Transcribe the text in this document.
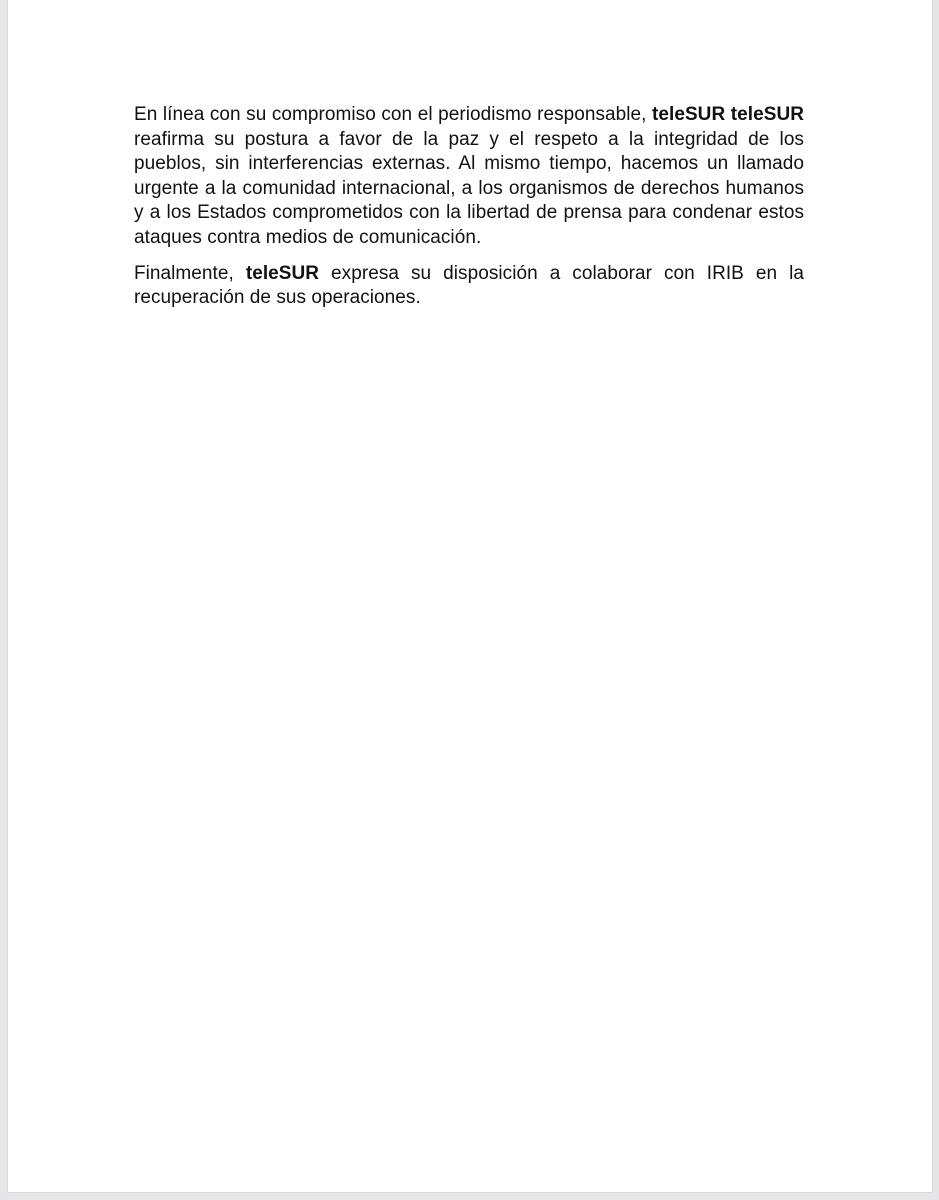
En línea con su compromiso con el periodismo responsable, teleSUR teleSUR reafirma su postura a favor de la paz y el respeto a la integridad de los pueblos, sin interferencias externas. Al mismo tiempo, hacemos un llamado urgente a la comunidad internacional, a los organismos de derechos humanos y a los Estados comprometidos con la libertad de prensa para condenar estos ataques contra medios de comunicación.

Finalmente, teleSUR expresa su disposición a colaborar con IRIB en la recuperación de sus operaciones.
